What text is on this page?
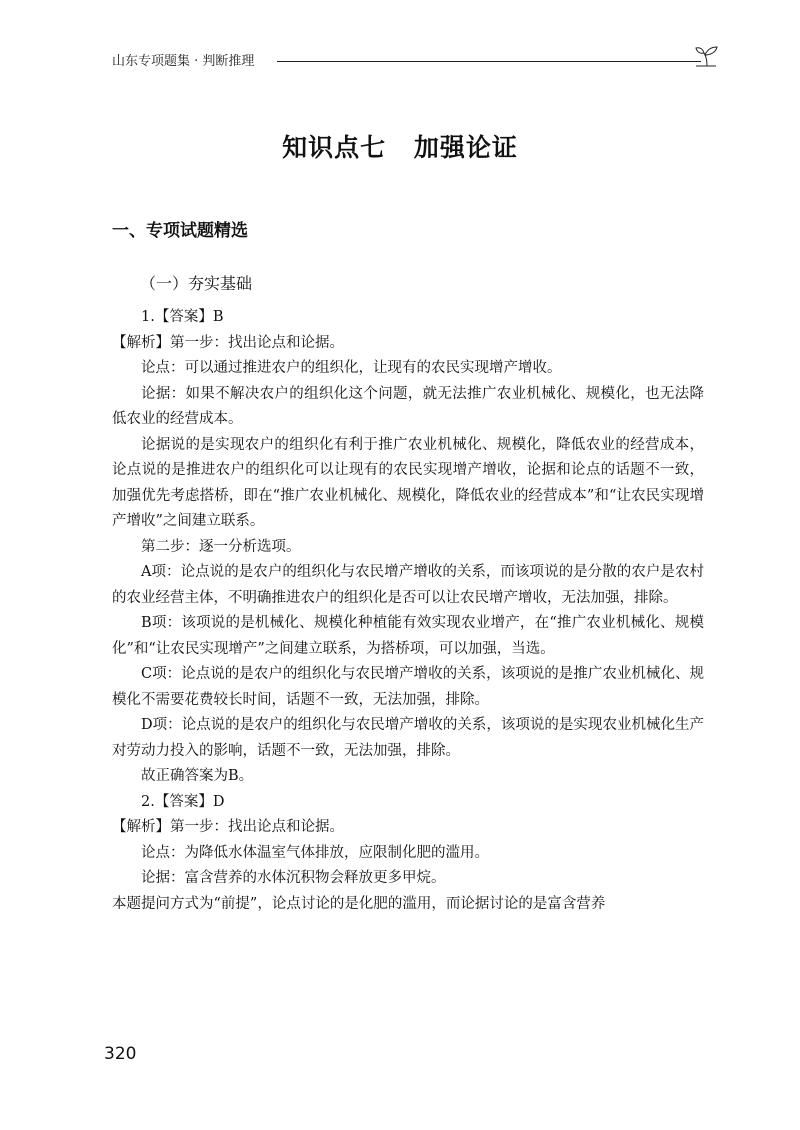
山东专项题集 · 判断推理
知识点七 加强论证
一、专项试题精选
（一）夯实基础

1.【答案】B

【解析】第一步：找出论点和论据。

论点：可以通过推进农户的组织化，让现有的农民实现增产增收。

论据：如果不解决农户的组织化这个问题，就无法推广农业机械化、规模化，也无法降低农业的经营成本。

论据说的是实现农户的组织化有利于推广农业机械化、规模化，降低农业的经营成本，论点说的是推进农户的组织化可以让现有的农民实现增产增收，论据和论点的话题不一致，加强优先考虑搭桥，即在“推广农业机械化、规模化，降低农业的经营成本”和“让农民实现增产增收”之间建立联系。

第二步：逐一分析选项。

A项：论点说的是农户的组织化与农民增产增收的关系，而该项说的是分散的农户是农村的农业经营主体，不明确推进农户的组织化是否可以让农民增产增收，无法加强，排除。

B项：该项说的是机械化、规模化种植能有效实现农业增产，在“推广农业机械化、规模化”和“让农民实现增产”之间建立联系，为搭桥项，可以加强，当选。

C项：论点说的是农户的组织化与农民增产增收的关系，该项说的是推广农业机械化、规模化不需要花费较长时间，话题不一致，无法加强，排除。

D项：论点说的是农户的组织化与农民增产增收的关系，该项说的是实现农业机械化生产对劳动力投入的影响，话题不一致，无法加强，排除。

故正确答案为B。

2.【答案】D

【解析】第一步：找出论点和论据。

论点：为降低水体温室气体排放，应限制化肥的滥用。

论据：富含营养的水体沉积物会释放更多甲烷。

本题提问方式为“前提”，论点讨论的是化肥的滥用，而论据讨论的是富含营养

320
